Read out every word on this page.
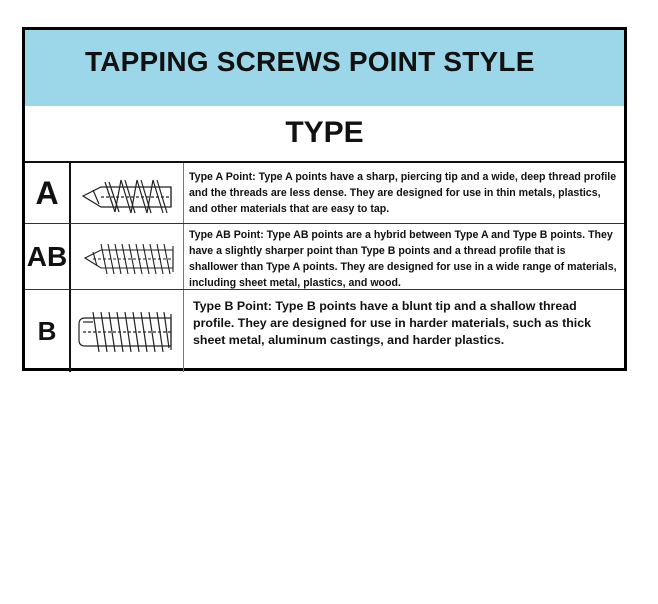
TAPPING SCREWS POINT STYLE
TYPE
A	Type A Point: Type A points have a sharp, piercing tip and a wide, deep thread profile and the threads are less dense. They are designed for use in thin metals, plastics, and other materials that are easy to tap.

AB

Type AB Point: Type AB points are a hybrid between Type A and Type B points. They have a slightly sharper point than Type B points and a thread profile that is shallower than Type A points. They are designed for use in a wide range of materials, including sheet metal, plastics, and wood.

B

Type B Point: Type B points have a blunt tip and a shallow thread profile. They are designed for use in harder materials, such as thick sheet metal, aluminum castings, and harder plastics.
